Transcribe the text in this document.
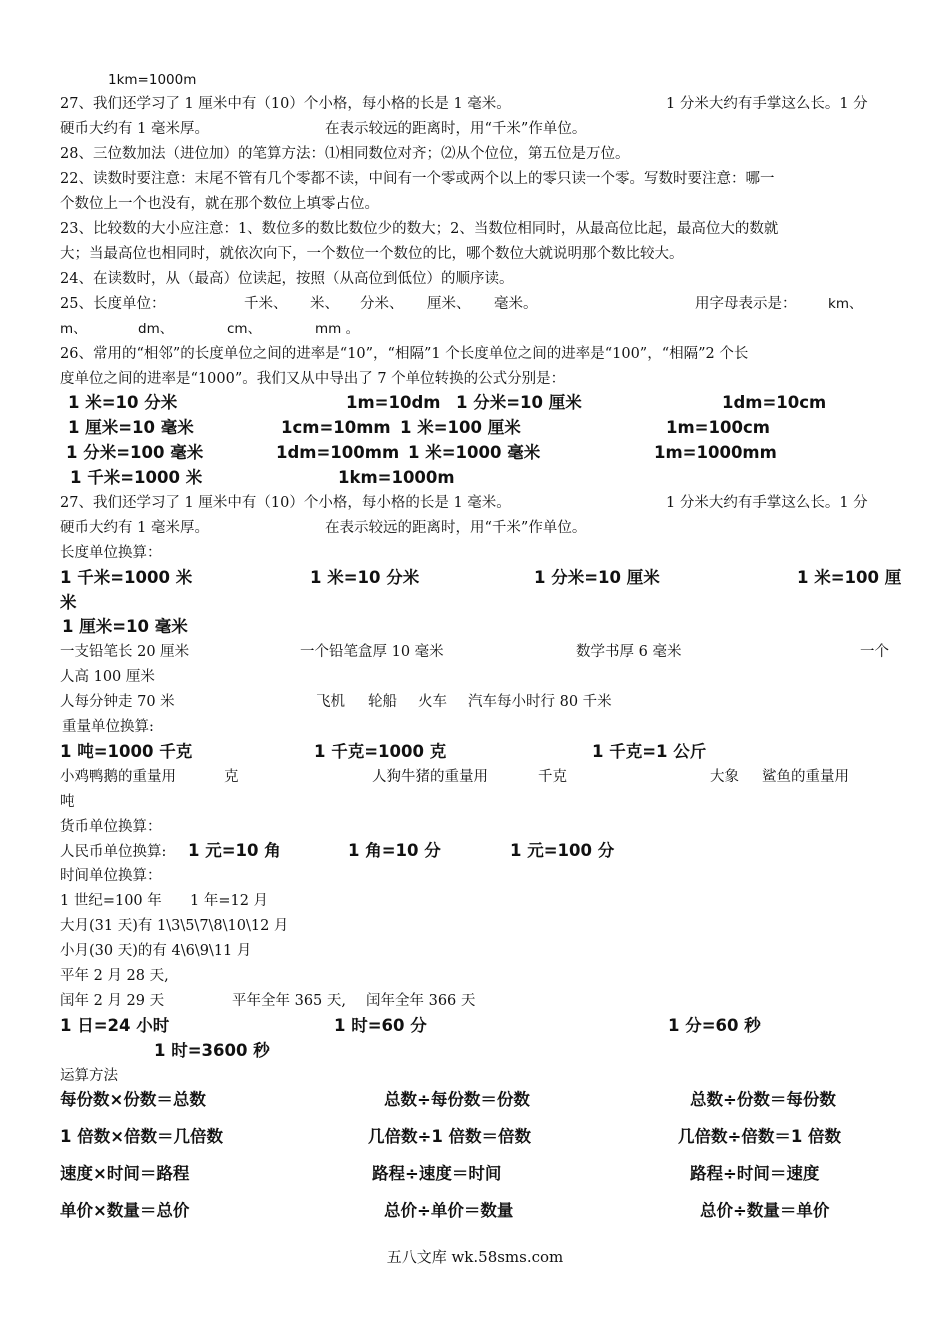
1km=1000m
27、我们还学习了 1 厘米中有（10）个小格，每小格的长是 1 毫米。	1 分米大约有手掌这么长。1 分
硬币大约有 1 毫米厚。	在表示较远的距离时，用“千米”作单位。
28、三位数加法（进位加）的笔算方法：⑴相同数位对齐；⑵从个位位，第五位是万位。
22、读数时要注意：末尾不管有几个零都不读，中间有一个零或两个以上的零只读一个零。写数时要注意：哪一
个数位上一个也没有，就在那个数位上填零占位。
23、比较数的大小应注意：1、数位多的数比数位少的数大；2、当数位相同时，从最高位比起，最高位大的数就
大；当最高位也相同时，就依次向下，一个数位一个数位的比，哪个数位大就说明那个数比较大。
24、在读数时，从（最高）位读起，按照（从高位到低位）的顺序读。
25、长度单位：	千米、 米、 分米、 厘米、 毫米。	用字母表示是： km、
m、	dm、	cm、	mm 。
26、常用的“相邻”的长度单位之间的进率是“10”，“相隔”1 个长度单位之间的进率是“100”，“相隔”2 个长
度单位之间的进率是“1000”。我们又从中导出了 7 个单位转换的公式分别是：
1 米=10 分米	1m=10dm 1 分米=10 厘米	1dm=10cm
1 厘米=10 毫米	1cm=10mm 1 米=100 厘米	1m=100cm
1 分米=100 毫米	1dm=100mm 1 米=1000 毫米	1m=1000mm
1 千米=1000 米	1km=1000m
27、我们还学习了 1 厘米中有（10）个小格，每小格的长是 1 毫米。	1 分米大约有手掌这么长。1 分
硬币大约有 1 毫米厚。	在表示较远的距离时，用“千米”作单位。
长度单位换算：
1 千米=1000 米	1 米=10 分米	1 分米=10 厘米	1 米=100 厘
米
1 厘米=10 毫米
一支铅笔长 20 厘米	一个铅笔盒厚 10 毫米	数学书厚 6 毫米	一个
人高 100 厘米
人每分钟走 70 米	飞机 轮船 火车 汽车每小时行 80 千米
重量单位换算:
1 吨=1000 千克	1 千克=1000 克	1 千克=1 公斤
小鸡鸭鹅的重量用	克	人狗牛猪的重量用	千克	大象 鲨鱼的重量用
吨
货币单位换算：
人民币单位换算: 1 元=10 角	1 角=10 分	1 元=100 分
时间单位换算：
1 世纪=100 年 1 年=12 月
大月(31 天)有 1\3\5\7\8\10\12 月
小月(30 天)的有 4\6\9\11 月
平年 2 月 28 天,
闰年 2 月 29 天	平年全年 365 天, 闰年全年 366 天
1 日=24 小时	1 时=60 分	1 分=60 秒
1 时=3600 秒
运算方法
每份数×份数＝总数	总数÷每份数＝份数	总数÷份数＝每份数
1 倍数×倍数＝几倍数	几倍数÷1 倍数＝倍数	几倍数÷倍数＝1 倍数
速度×时间＝路程	路程÷速度＝时间	路程÷时间＝速度
单价×数量＝总价	总价÷单价＝数量	总价÷数量＝单价
五八文库 wk.58sms.com
